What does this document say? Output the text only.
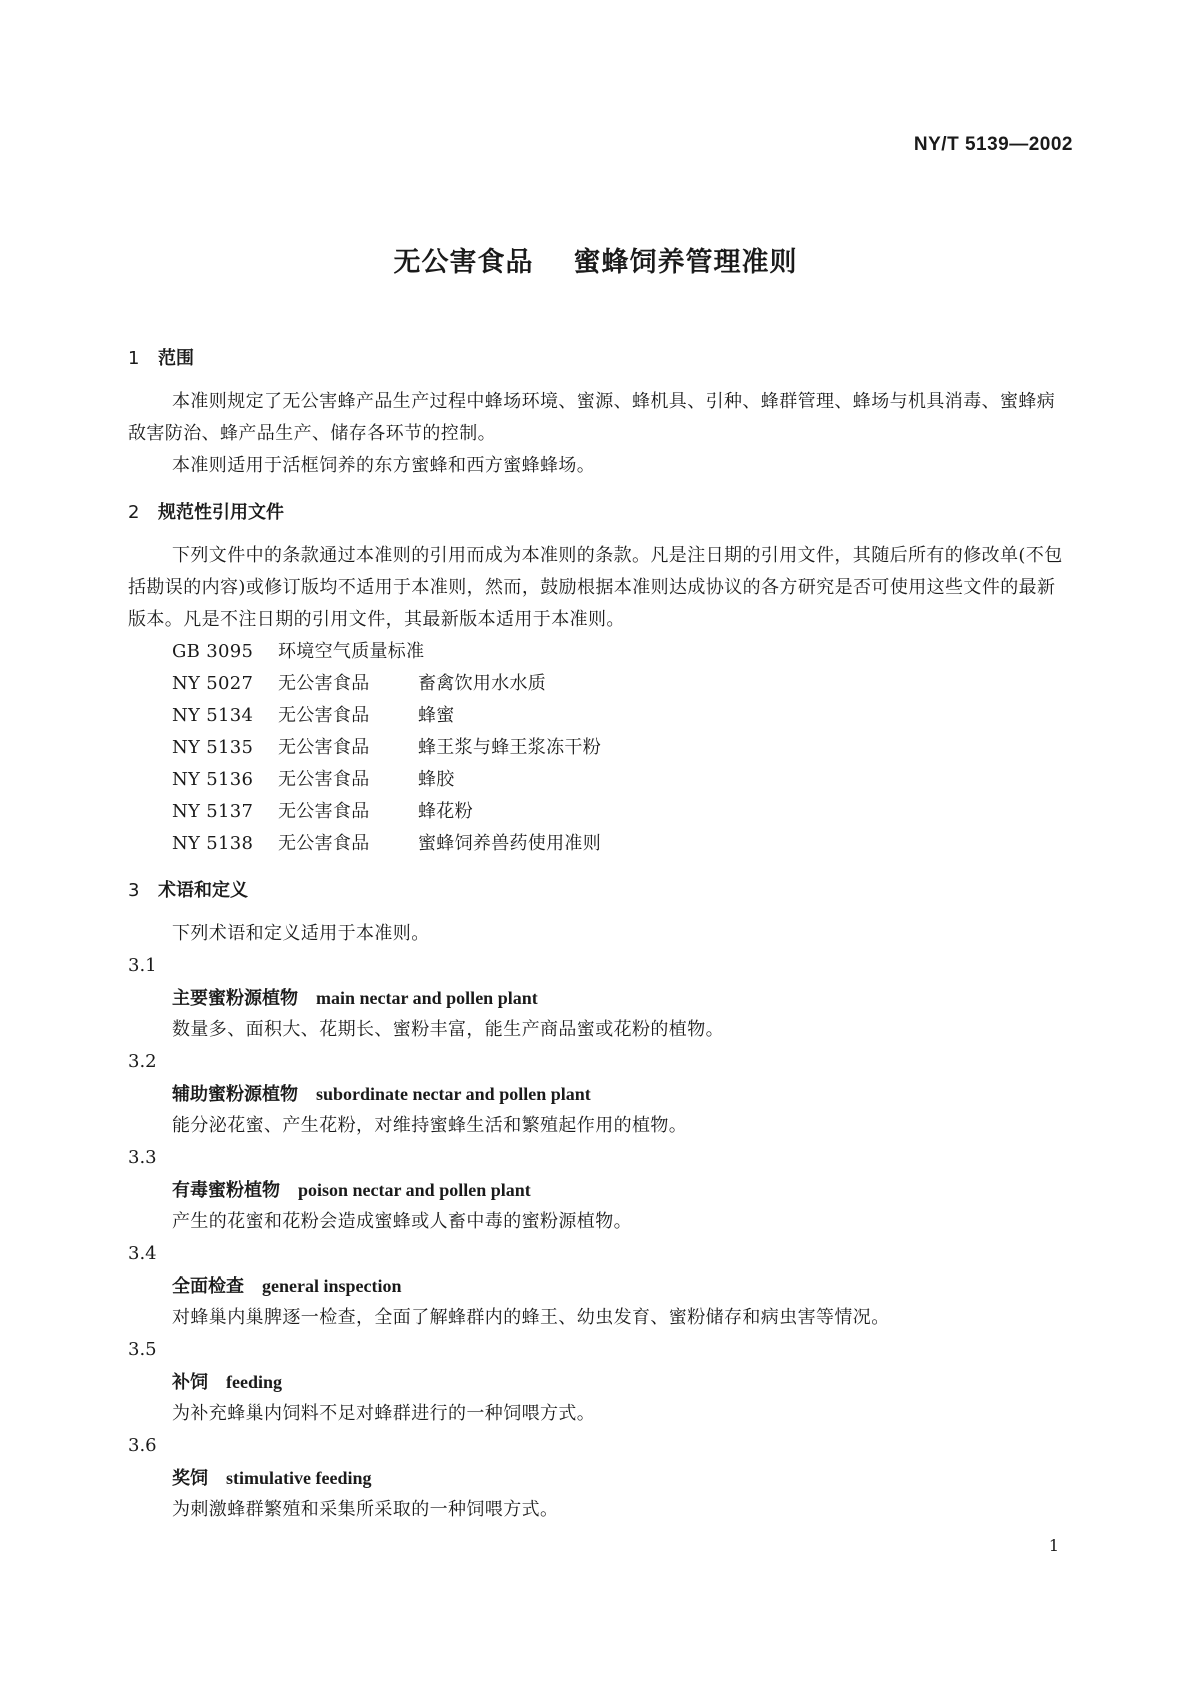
NY/T 5139—2002
无公害食品 蜜蜂饲养管理准则
1 范围

本准则规定了无公害蜂产品生产过程中蜂场环境、蜜源、蜂机具、引种、蜂群管理、蜂场与机具消毒、蜜蜂病敌害防治、蜂产品生产、储存各环节的控制。

本准则适用于活框饲养的东方蜜蜂和西方蜜蜂蜂场。

2 规范性引用文件

下列文件中的条款通过本准则的引用而成为本准则的条款。凡是注日期的引用文件，其随后所有的修改单(不包括勘误的内容)或修订版均不适用于本准则，然而，鼓励根据本准则达成协议的各方研究是否可使用这些文件的最新版本。凡是不注日期的引用文件，其最新版本适用于本准则。

GB 3095 环境空气质量标准
NY 5027 无公害食品	畜禽饮用水水质
NY 5134 无公害食品	蜂蜜
NY 5135 无公害食品	蜂王浆与蜂王浆冻干粉
NY 5136 无公害食品	蜂胶
NY 5137 无公害食品	蜂花粉
NY 5138 无公害食品	蜜蜂饲养兽药使用准则
3 术语和定义

下列术语和定义适用于本准则。

3.1
主要蜜粉源植物 main nectar and pollen plant
数量多、面积大、花期长、蜜粉丰富，能生产商品蜜或花粉的植物。
3.2
辅助蜜粉源植物 subordinate nectar and pollen plant
能分泌花蜜、产生花粉，对维持蜜蜂生活和繁殖起作用的植物。
3.3
有毒蜜粉植物 poison nectar and pollen plant
产生的花蜜和花粉会造成蜜蜂或人畜中毒的蜜粉源植物。
3.4
全面检查 general inspection
对蜂巢内巢脾逐一检查，全面了解蜂群内的蜂王、幼虫发育、蜜粉储存和病虫害等情况。
3.5
补饲 feeding
为补充蜂巢内饲料不足对蜂群进行的一种饲喂方式。
3.6
奖饲 stimulative feeding
为刺激蜂群繁殖和采集所采取的一种饲喂方式。
1
